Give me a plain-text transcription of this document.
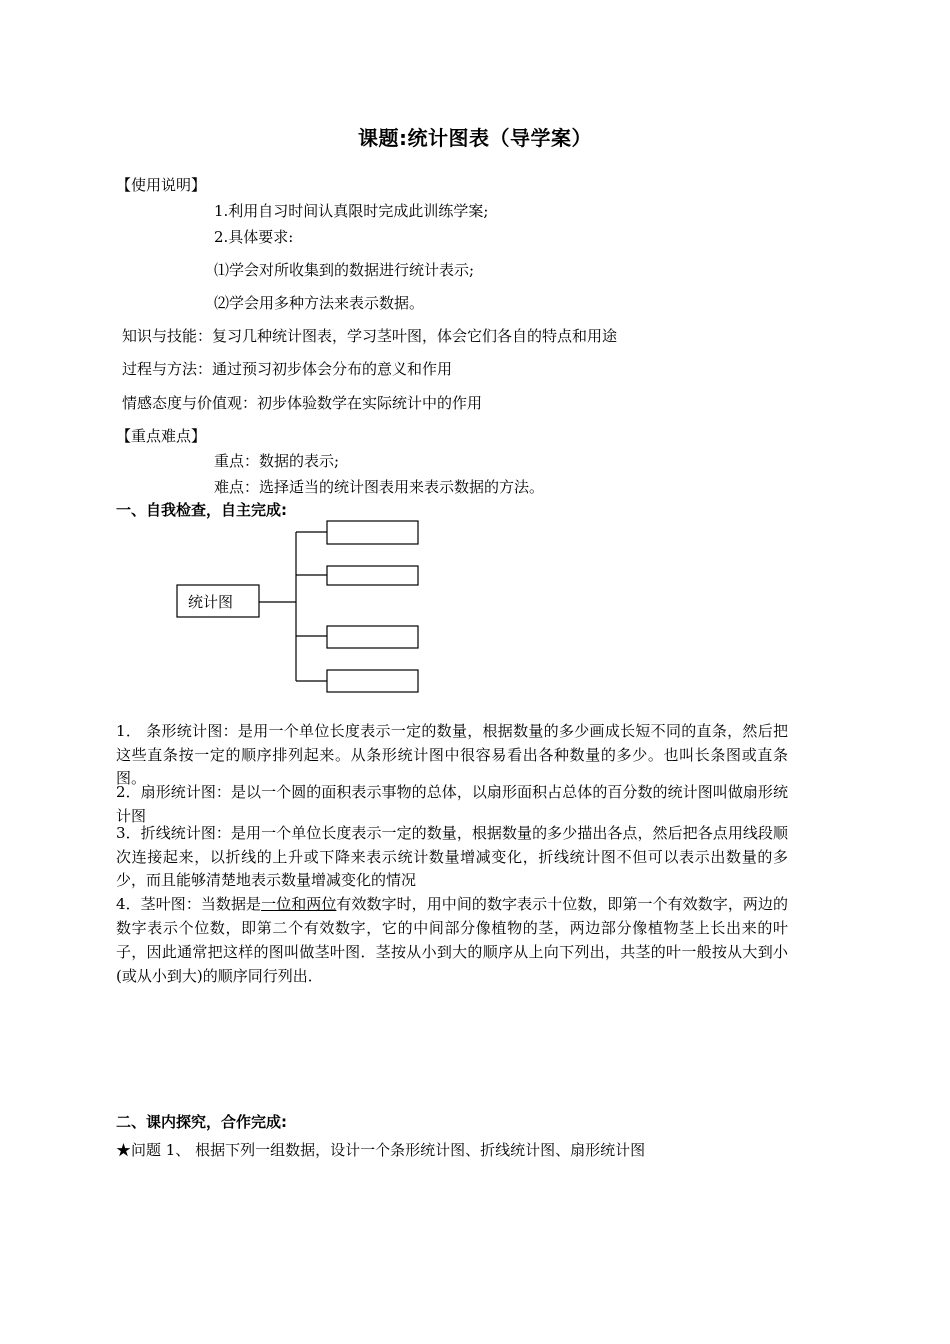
课题:统计图表（导学案）
【使用说明】
1.利用自习时间认真限时完成此训练学案;
2.具体要求:
⑴学会对所收集到的数据进行统计表示;
⑵学会用多种方法来表示数据。
知识与技能：复习几种统计图表，学习茎叶图，体会它们各自的特点和用途
过程与方法：通过预习初步体会分布的意义和作用
情感态度与价值观：初步体验数学在实际统计中的作用
【重点难点】
重点：数据的表示;
难点：选择适当的统计图表用来表示数据的方法。
一、自我检查，自主完成:
统计图
1． 条形统计图：是用一个单位长度表示一定的数量，根据数量的多少画成长短不同的直条，然后把这些直条按一定的顺序排列起来。从条形统计图中很容易看出各种数量的多少。也叫长条图或直条图。
2．扇形统计图：是以一个圆的面积表示事物的总体，以扇形面积占总体的百分数的统计图叫做扇形统计图
3．折线统计图：是用一个单位长度表示一定的数量，根据数量的多少描出各点，然后把各点用线段顺次连接起来，以折线的上升或下降来表示统计数量增减变化，折线统计图不但可以表示出数量的多少，而且能够清楚地表示数量增减变化的情况
4．茎叶图：当数据是一位和两位有效数字时，用中间的数字表示十位数，即第一个有效数字，两边的数字表示个位数，即第二个有效数字，它的中间部分像植物的茎，两边部分像植物茎上长出来的叶子，因此通常把这样的图叫做茎叶图．茎按从小到大的顺序从上向下列出，共茎的叶一般按从大到小(或从小到大)的顺序同行列出．
二、课内探究，合作完成:
★问题 1、 根据下列一组数据，设计一个条形统计图、折线统计图、扇形统计图
